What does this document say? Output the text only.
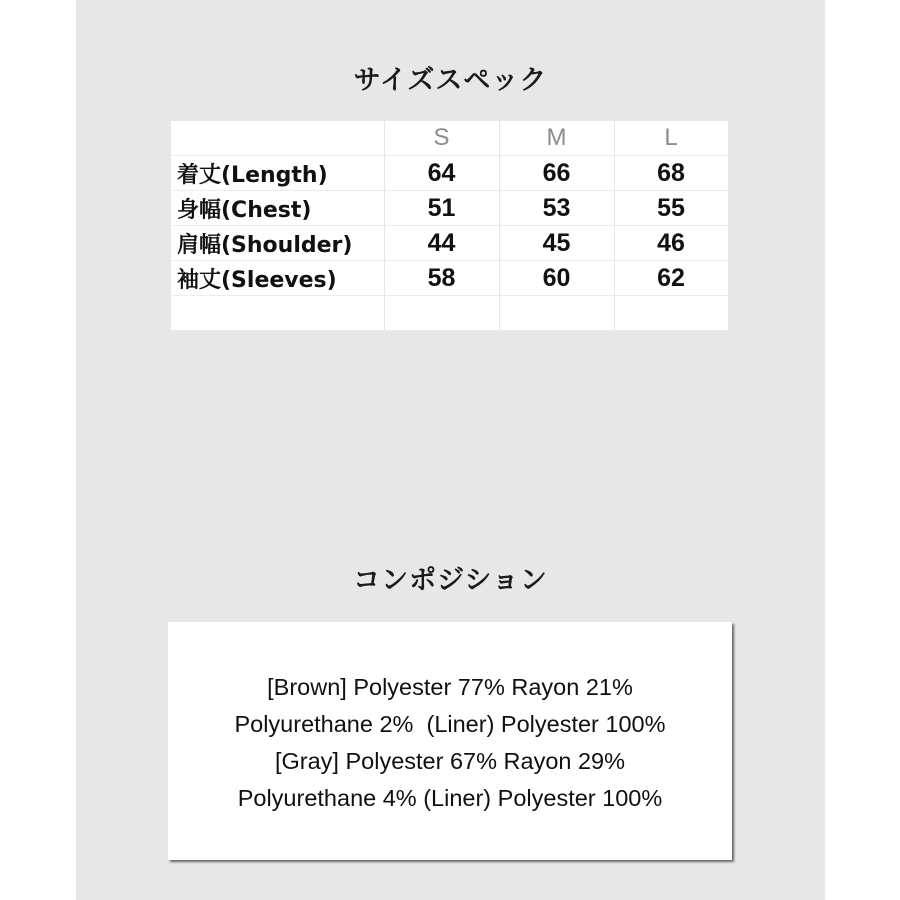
サイズスペック
	S	M	L
着丈(Length)	64	66	68
身幅(Chest)	51	53	55
肩幅(Shoulder)	44	45	46
袖丈(Sleeves)	58	60	62

コンポジション
[Brown] Polyester 77% Rayon 21%
Polyurethane 2%  (Liner) Polyester 100%
[Gray] Polyester 67% Rayon 29%
Polyurethane 4% (Liner) Polyester 100%
